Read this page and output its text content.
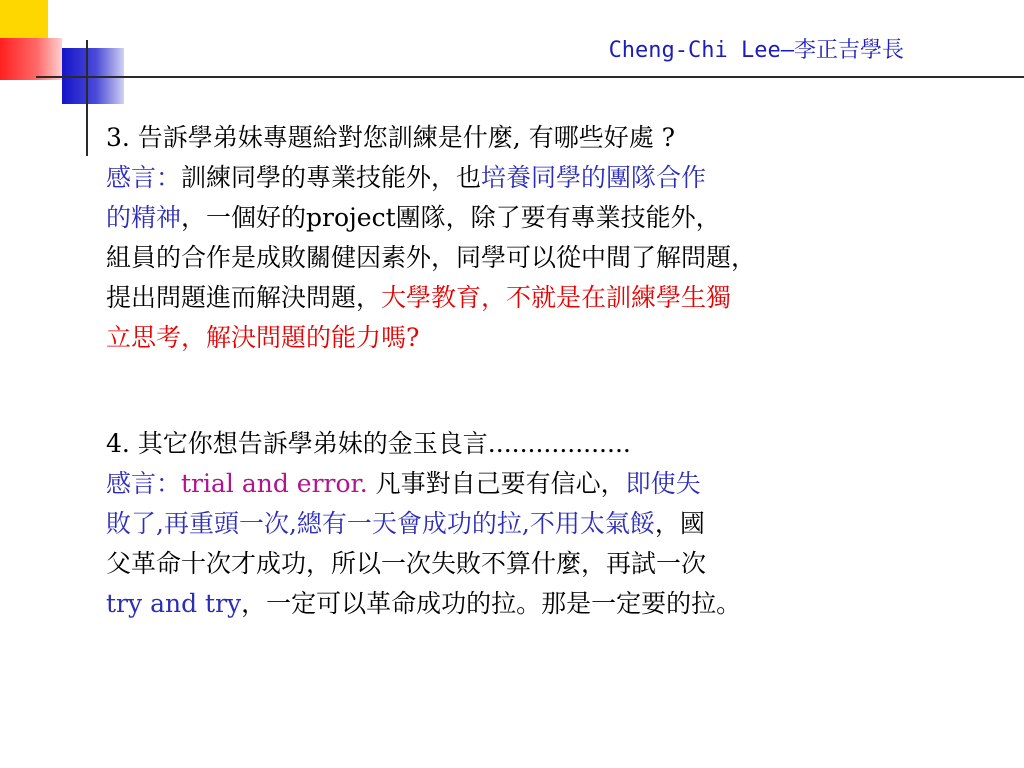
Cheng-Chi Lee—李正吉學長
3. 告訴學弟妹專題給對您訓練是什麼, 有哪些好處 ?
感言：訓練同學的專業技能外，也培養同學的團隊合作
的精神，一個好的project團隊，除了要有專業技能外，
組員的合作是成敗關健因素外，同學可以從中間了解問題，
提出問題進而解決問題，大學教育，不就是在訓練學生獨
立思考，解決問題的能力嗎?
4. 其它你想告訴學弟妹的金玉良言..................
感言：trial and error. 凡事對自己要有信心，即使失
敗了,再重頭一次,總有一天會成功的拉,不用太氣餒，國
父革命十次才成功，所以一次失敗不算什麼，再試一次
try and try，一定可以革命成功的拉。那是一定要的拉。
